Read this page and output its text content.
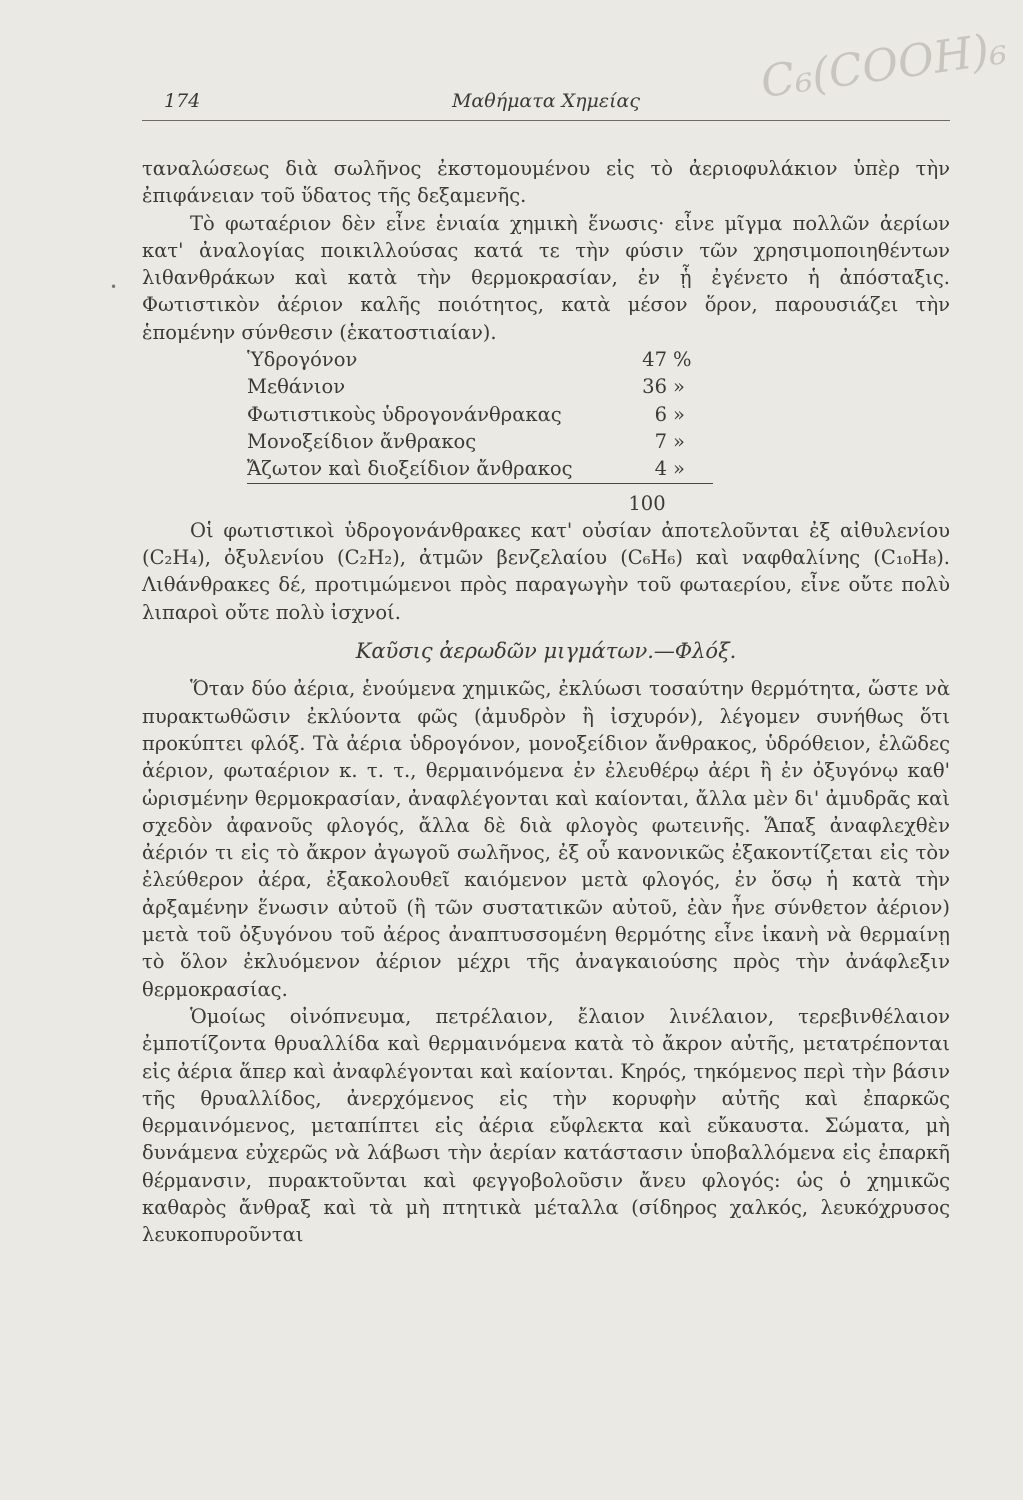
174	Μαθήματα Χημείας	C₆(COOH)₆
•

ταναλώσεως διὰ σωλῆνος ἐκστομουμένου εἰς τὸ ἀεριοφυλάκιον ὑπὲρ τὴν ἐπιφάνειαν τοῦ ὕδατος τῆς δεξαμενῆς.

Τὸ φωταέριον δὲν εἶνε ἑνιαία χημικὴ ἕνωσις· εἶνε μῖγμα πολλῶν ἀερίων κατ' ἀναλογίας ποικιλλούσας κατά τε τὴν φύσιν τῶν χρησιμοποιηθέντων λιθανθράκων καὶ κατὰ τὴν θερμοκρασίαν, ἐν ᾗ ἐγένετο ἡ ἀπόσταξις. Φωτιστικὸν ἀέριον καλῆς ποιότητος, κατὰ μέσον ὅρον, παρουσιάζει τὴν ἑπομένην σύνθεσιν (ἑκατοστιαίαν).

Ὑδρογόνον	47	%
Μεθάνιον	36	»
Φωτιστικοὺς ὑδρογονάνθρακας	6	»
Μονοξείδιον ἄνθρακος	7	»
Ἄζωτον καὶ διοξείδιον ἄνθρακος	4	»
100

Οἱ φωτιστικοὶ ὑδρογονάνθρακες κατ' οὐσίαν ἀποτελοῦνται ἐξ αἰθυλενίου (C₂H₄), ὀξυλενίου (C₂H₂), ἀτμῶν βενζελαίου (C₆H₆) καὶ ναφθαλίνης (C₁₀H₈). Λιθάνθρακες δέ, προτιμώμενοι πρὸς παραγωγὴν τοῦ φωταερίου, εἶνε οὔτε πολὺ λιπαροὶ οὔτε πολὺ ἰσχνοί.

Καῦσις ἀερωδῶν μιγμάτων.—Φλόξ.

Ὅταν δύο ἀέρια, ἑνούμενα χημικῶς, ἐκλύωσι τοσαύτην θερμότητα, ὥστε νὰ πυρακτωθῶσιν ἐκλύοντα φῶς (ἀμυδρὸν ἢ ἰσχυρόν), λέγομεν συνήθως ὅτι προκύπτει φλόξ. Τὰ ἀέρια ὑδρογόνον, μονοξείδιον ἄνθρακος, ὑδρόθειον, ἑλῶδες ἀέριον, φωταέριον κ. τ. τ., θερμαινόμενα ἐν ἐλευθέρῳ ἀέρι ἢ ἐν ὀξυγόνῳ καθ' ὡρισμένην θερμοκρασίαν, ἀναφλέγονται καὶ καίονται, ἄλλα μὲν δι' ἀμυδρᾶς καὶ σχεδὸν ἀφανοῦς φλογός, ἄλλα δὲ διὰ φλογὸς φωτεινῆς. Ἅπαξ ἀναφλεχθὲν ἀέριόν τι εἰς τὸ ἄκρον ἀγωγοῦ σωλῆνος, ἐξ οὗ κανονικῶς ἐξακοντίζεται εἰς τὸν ἐλεύθερον ἀέρα, ἐξακολουθεῖ καιόμενον μετὰ φλογός, ἐν ὅσῳ ἡ κατὰ τὴν ἀρξαμένην ἕνωσιν αὐτοῦ (ἢ τῶν συστατικῶν αὐτοῦ, ἐὰν ἦνε σύνθετον ἀέριον) μετὰ τοῦ ὀξυγόνου τοῦ ἀέρος ἀναπτυσσομένη θερμότης εἶνε ἱκανὴ νὰ θερμαίνῃ τὸ ὅλον ἐκλυόμενον ἀέριον μέχρι τῆς ἀναγκαιούσης πρὸς τὴν ἀνάφλεξιν θερμοκρασίας.

Ὁμοίως οἰνόπνευμα, πετρέλαιον, ἔλαιον λινέλαιον, τερεβινθέλαιον ἐμποτίζοντα θρυαλλίδα καὶ θερμαινόμενα κατὰ τὸ ἄκρον αὐτῆς, μετατρέπονται εἰς ἀέρια ἅπερ καὶ ἀναφλέγονται καὶ καίονται. Κηρός, τηκόμενος περὶ τὴν βάσιν τῆς θρυαλλίδος, ἀνερχόμενος εἰς τὴν κορυφὴν αὐτῆς καὶ ἐπαρκῶς θερμαινόμενος, μεταπίπτει εἰς ἀέρια εὔφλεκτα καὶ εὔκαυστα. Σώματα, μὴ δυνάμενα εὐχερῶς νὰ λάβωσι τὴν ἀερίαν κατάστασιν ὑποβαλλόμενα εἰς ἐπαρκῆ θέρμανσιν, πυρακτοῦνται καὶ φεγγοβολοῦσιν ἄνευ φλογός: ὡς ὁ χημικῶς καθαρὸς ἄνθραξ καὶ τὰ μὴ πτητικὰ μέταλλα (σίδηρος χαλκός, λευκόχρυσος λευκοπυροῦνται
